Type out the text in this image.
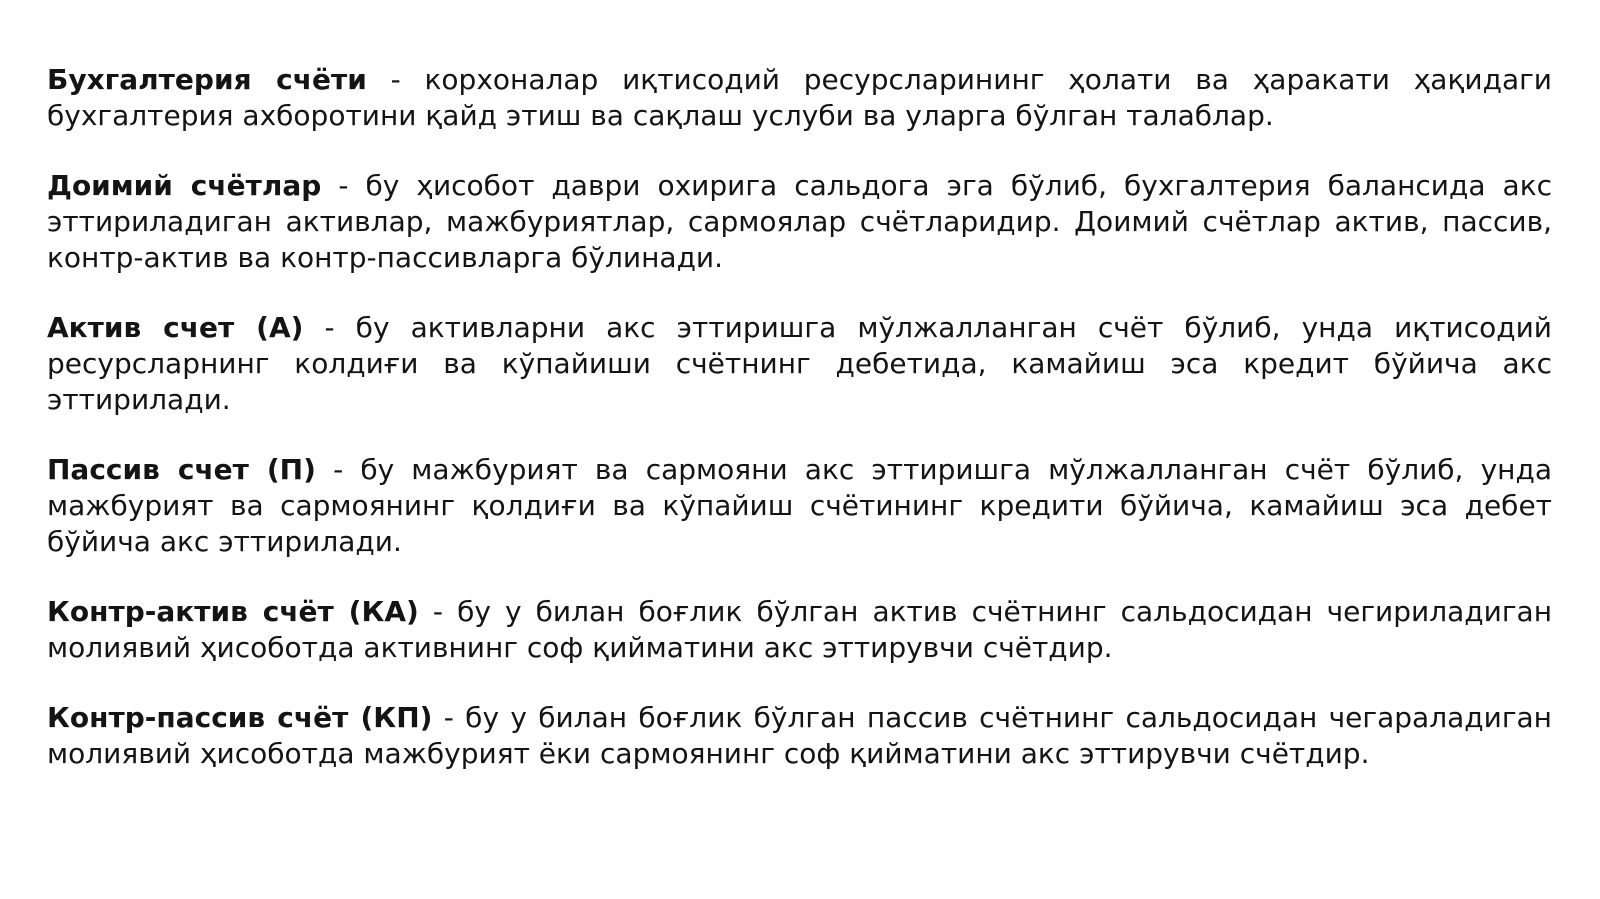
Бухгалтерия счёти - корхоналар иқтисодий ресурсларининг ҳолати ва ҳаракати ҳақидаги бухгалтерия ахборотини қайд этиш ва сақлаш услуби ва уларга бўлган талаблар.

Доимий счётлар - бу ҳисобот даври охирига сальдога эга бўлиб, бухгалтерия балансида акс эттириладиган активлар, мажбуриятлар, сармоялар счётларидир. Доимий счётлар актив, пассив, контр-актив ва контр-пассивларга бўлинади.

Актив счет (А) - бу активларни акс эттиришга мўлжалланган счёт бўлиб, унда иқтисодий ресурсларнинг колдиғи ва кўпайиши счётнинг дебетида, камайиш эса кредит бўйича акс эттирилади.

Пассив счет (П) - бу мажбурият ва сармояни акс эттиришга мўлжалланган счёт бўлиб, унда мажбурият ва сармоянинг қолдиғи ва кўпайиш счётининг кредити бўйича, камайиш эса дебет бўйича акс эттирилади.

Контр-актив счёт (КА) - бу у билан боғлик бўлган актив счётнинг сальдосидан чегириладиган молиявий ҳисоботда активнинг соф қийматини акс эттирувчи счётдир.

Контр-пассив счёт (КП) - бу у билан боғлик бўлган пассив счётнинг сальдосидан чегараладиган молиявий ҳисоботда мажбурият ёки сармоянинг соф қийматини акс эттирувчи счётдир.
